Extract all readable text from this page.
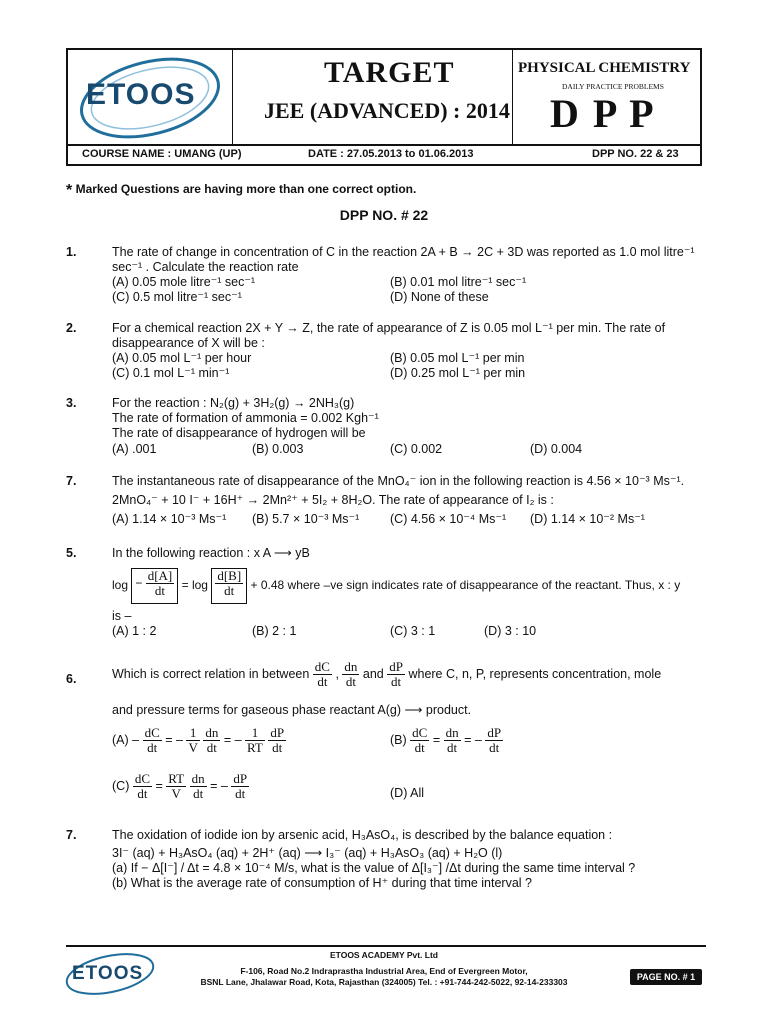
ETOOS
TARGET
JEE (ADVANCED) : 2014
PHYSICAL CHEMISTRY
DAILY PRACTICE PROBLEMS
D P P
COURSE NAME : UMANG (UP)	DATE : 27.05.2013 to 01.06.2013	DPP NO. 22 & 23
* Marked Questions are having more than one correct option.
DPP NO. # 22
1.	The rate of change in concentration of C in the reaction 2A + B → 2C + 3D was reported as 1.0 mol litre⁻¹
sec⁻¹ . Calculate the reaction rate
(A) 0.05 mole litre⁻¹ sec⁻¹	(B) 0.01 mol litre⁻¹ sec⁻¹
(C) 0.5 mol litre⁻¹ sec⁻¹	(D) None of these
2.	For a chemical reaction 2X + Y → Z, the rate of appearance of Z is 0.05 mol L⁻¹ per min. The rate of
disappearance of X will be :
(A) 0.05 mol L⁻¹ per hour	(B) 0.05 mol L⁻¹ per min
(C) 0.1 mol L⁻¹ min⁻¹	(D) 0.25 mol L⁻¹ per min
3.	For the reaction : N₂(g) + 3H₂(g) → 2NH₃(g)
The rate of formation of ammonia = 0.002 Kgh⁻¹
The rate of disappearance of hydrogen will be
(A) .001	(B) 0.003	(C) 0.002	(D) 0.004
7.	The instantaneous rate of disappearance of the MnO₄⁻ ion in the following reaction is 4.56 × 10⁻³ Ms⁻¹.
2MnO₄⁻ + 10 I⁻ + 16H⁺ → 2Mn²⁺ + 5I₂ + 8H₂O. The rate of appearance of I₂ is :
(A) 1.14 × 10⁻³ Ms⁻¹ (B) 5.7 × 10⁻³ Ms⁻¹ (C) 4.56 × 10⁻⁴ Ms⁻¹ (D) 1.14 × 10⁻² Ms⁻¹
5.	In the following reaction : x A ⟶ yB
$\log - \frac{d[A]}{dt} = \log \frac{d[B]}{dt} + 0.48$ where –ve sign indicates rate of disappearance of the reactant. Thus, x : y
is –
(A) 1 : 2	(B) 2 : 1	(C) 3 : 1	(D) 3 : 10
6.	Which is correct relation in between $\frac{dC}{dt}$ , $\frac{dn}{dt}$ and $\frac{dP}{dt}$ where C, n, P, represents concentration, mole
and pressure terms for gaseous phase reactant A(g) ⟶ product.
$(A) - \frac{dC}{dt}$ = – $\frac{1}{V}$
$\frac{dn}{dt}$ = – $\frac{1}{RT}$
$\frac{dP}{dt}$	$(B) \frac{dC}{dt} = \frac{dn}{dt}$ = – $\frac{dP}{dt}$
$(C) \frac{dC}{dt} = \frac{RT}{V}$
$\frac{dn}{dt}$ = – $\frac{dP}{dt}$	(D) All
7.	The oxidation of iodide ion by arsenic acid, H₃AsO₄, is described by the balance equation :
3I⁻ (aq) + H₃AsO₄ (aq) + 2H⁺ (aq) ⟶ I₃⁻ (aq) + H₃AsO₃ (aq) + H₂O (l)
(a) If − Δ[I⁻] / Δt = 4.8 × 10⁻⁴ M/s, what is the value of Δ[I₃⁻] /Δt during the same time interval ?
(b) What is the average rate of consumption of H⁺ during that time interval ?
ETOOS
ETOOS ACADEMY Pvt. Ltd
F-106, Road No.2 Indraprastha Industrial Area, End of Evergreen Motor,
BSNL Lane, Jhalawar Road, Kota, Rajasthan (324005) Tel. : +91-744-242-5022, 92-14-233303	PAGE NO. # 1
